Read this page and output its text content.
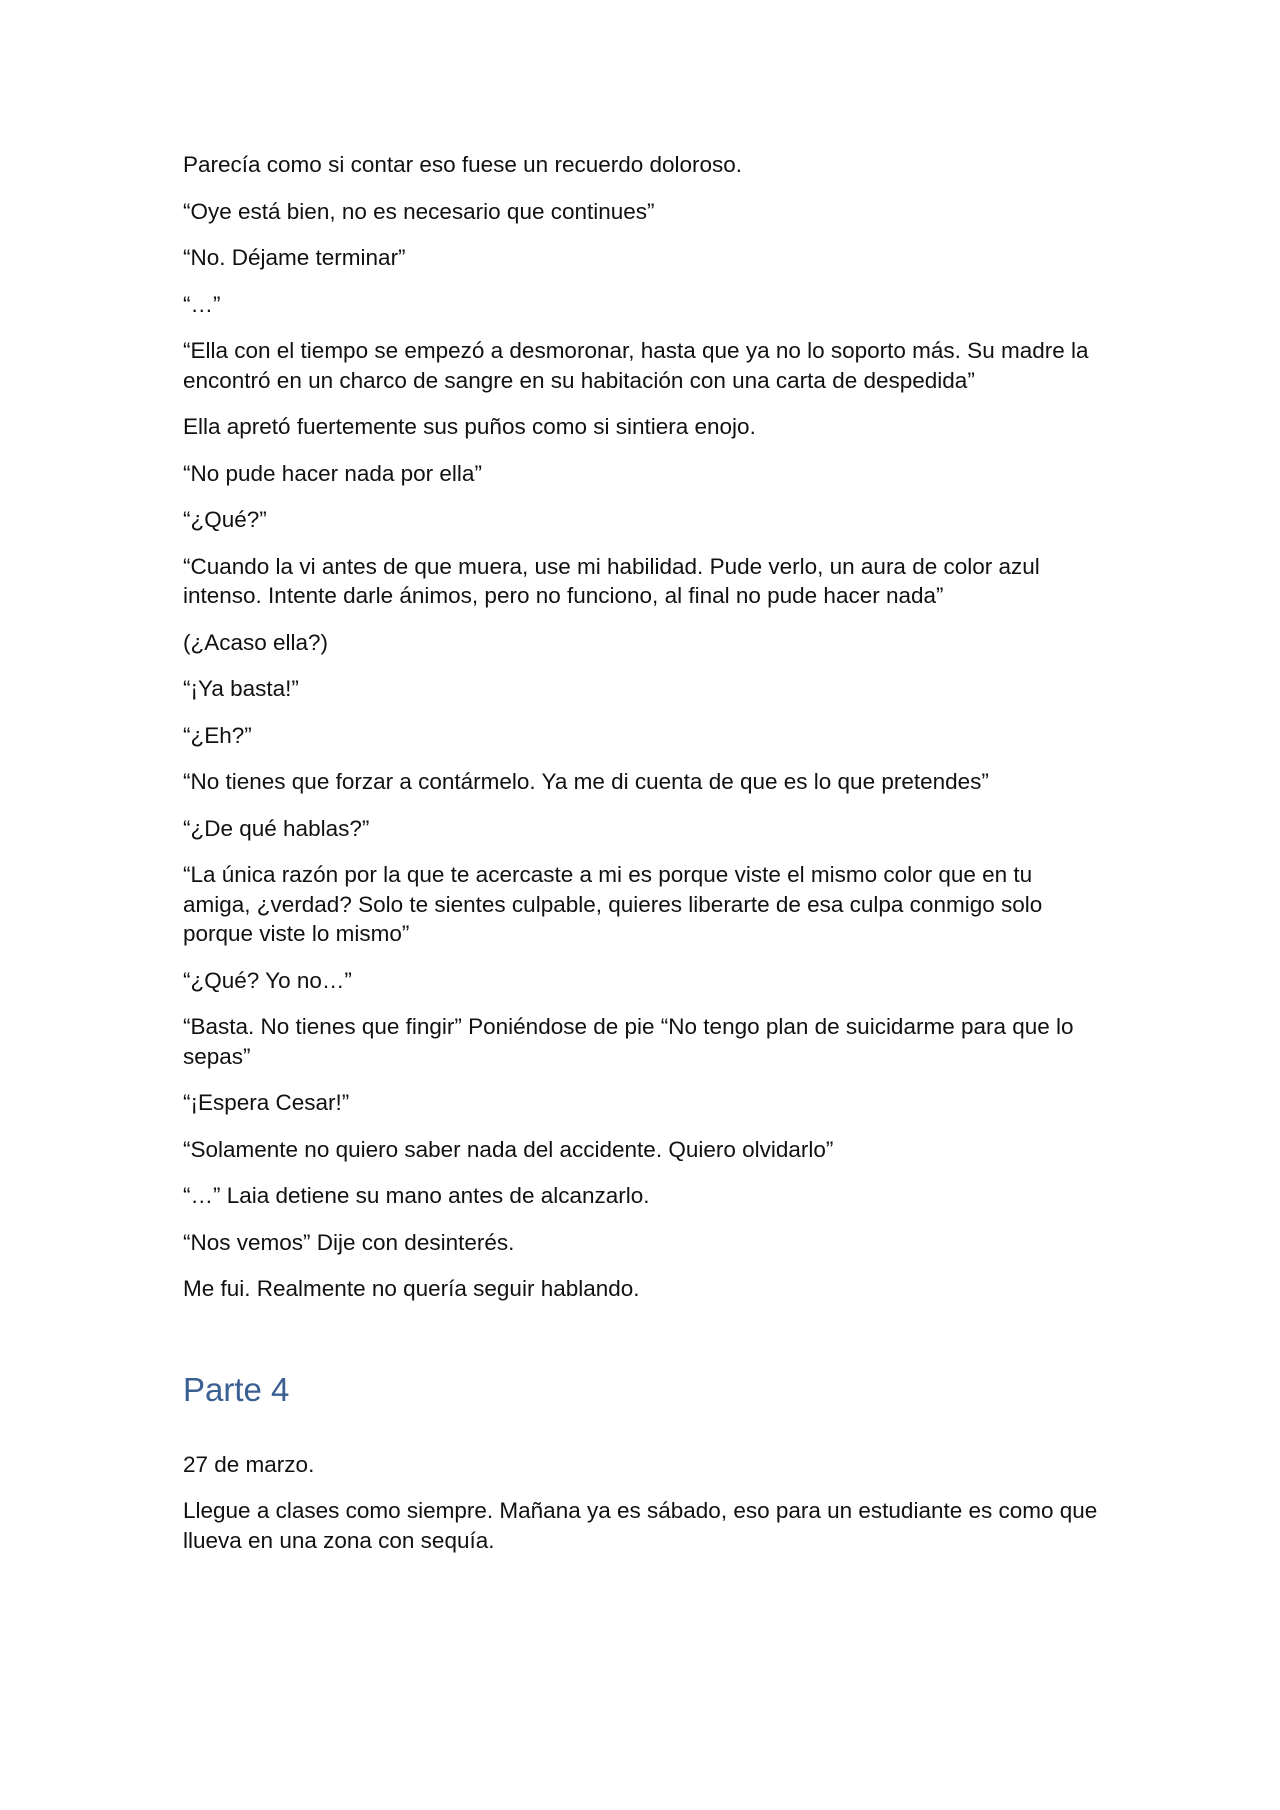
Parecía como si contar eso fuese un recuerdo doloroso.

“Oye está bien, no es necesario que continues”

“No. Déjame terminar”

“…”

“Ella con el tiempo se empezó a desmoronar, hasta que ya no lo soporto más. Su madre la encontró en un charco de sangre en su habitación con una carta de despedida”

Ella apretó fuertemente sus puños como si sintiera enojo.

“No pude hacer nada por ella”

“¿Qué?”

“Cuando la vi antes de que muera, use mi habilidad. Pude verlo, un aura de color azul intenso. Intente darle ánimos, pero no funciono, al final no pude hacer nada”

(¿Acaso ella?)

“¡Ya basta!”

“¿Eh?”

“No tienes que forzar a contármelo. Ya me di cuenta de que es lo que pretendes”

“¿De qué hablas?”

“La única razón por la que te acercaste a mi es porque viste el mismo color que en tu amiga, ¿verdad? Solo te sientes culpable, quieres liberarte de esa culpa conmigo solo porque viste lo mismo”

“¿Qué? Yo no…”

“Basta. No tienes que fingir” Poniéndose de pie “No tengo plan de suicidarme para que lo sepas”

“¡Espera Cesar!”

“Solamente no quiero saber nada del accidente. Quiero olvidarlo”

“…” Laia detiene su mano antes de alcanzarlo.

“Nos vemos” Dije con desinterés.

Me fui. Realmente no quería seguir hablando.

Parte 4

27 de marzo.

Llegue a clases como siempre. Mañana ya es sábado, eso para un estudiante es como que llueva en una zona con sequía.
